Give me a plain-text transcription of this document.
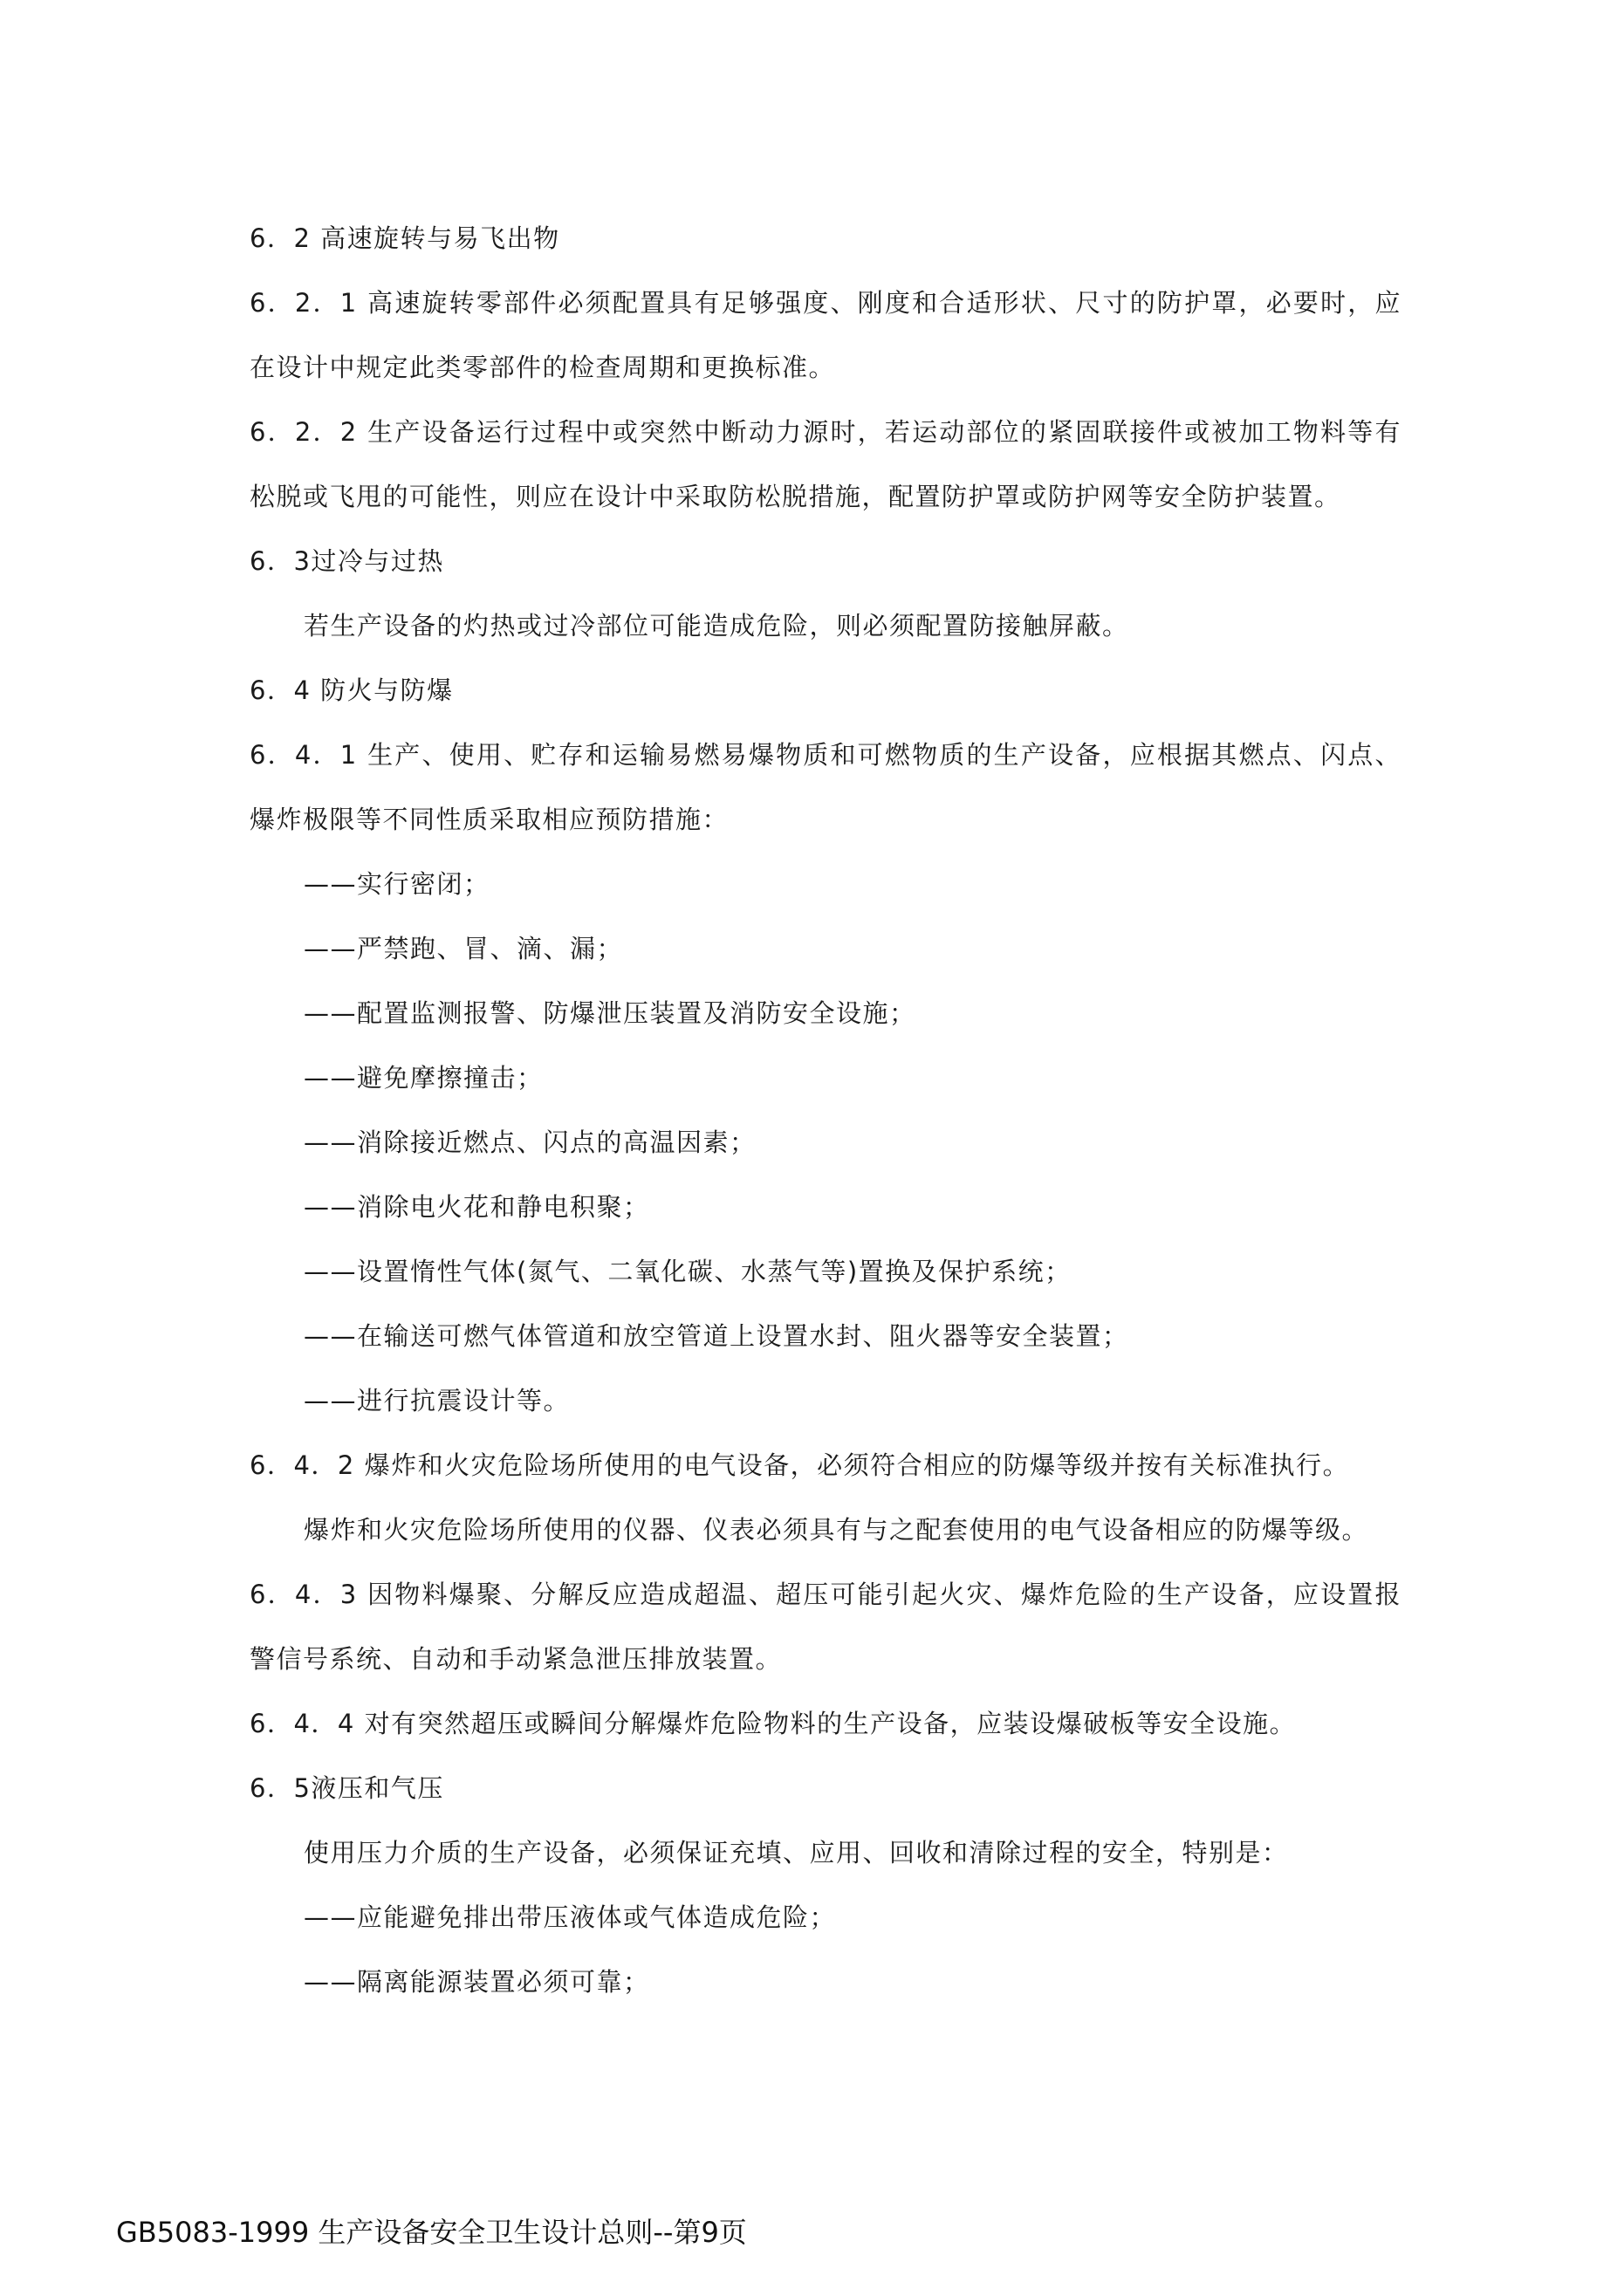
6．2 高速旋转与易飞出物
6．2．1 高速旋转零部件必须配置具有足够强度、刚度和合适形状、尺寸的防护罩，必要时，应在设计中规定此类零部件的检查周期和更换标准。
6．2．2 生产设备运行过程中或突然中断动力源时，若运动部位的紧固联接件或被加工物料等有松脱或飞甩的可能性，则应在设计中采取防松脱措施，配置防护罩或防护网等安全防护装置。
6．3过冷与过热
若生产设备的灼热或过冷部位可能造成危险，则必须配置防接触屏蔽。
6．4 防火与防爆
6．4．1 生产、使用、贮存和运输易燃易爆物质和可燃物质的生产设备，应根据其燃点、闪点、爆炸极限等不同性质采取相应预防措施：
——实行密闭；
——严禁跑、冒、滴、漏；
——配置监测报警、防爆泄压装置及消防安全设施；
——避免摩擦撞击；
——消除接近燃点、闪点的高温因素；
——消除电火花和静电积聚；
——设置惰性气体(氮气、二氧化碳、水蒸气等)置换及保护系统；
——在输送可燃气体管道和放空管道上设置水封、阻火器等安全装置；
——进行抗震设计等。
6．4．2 爆炸和火灾危险场所使用的电气设备，必须符合相应的防爆等级并按有关标准执行。
爆炸和火灾危险场所使用的仪器、仪表必须具有与之配套使用的电气设备相应的防爆等级。
6．4．3 因物料爆聚、分解反应造成超温、超压可能引起火灾、爆炸危险的生产设备，应设置报警信号系统、自动和手动紧急泄压排放装置。
6．4．4 对有突然超压或瞬间分解爆炸危险物料的生产设备，应装设爆破板等安全设施。
6．5液压和气压
使用压力介质的生产设备，必须保证充填、应用、回收和清除过程的安全，特别是：
——应能避免排出带压液体或气体造成危险；
——隔离能源装置必须可靠；
GB5083-1999 生产设备安全卫生设计总则--第9页
